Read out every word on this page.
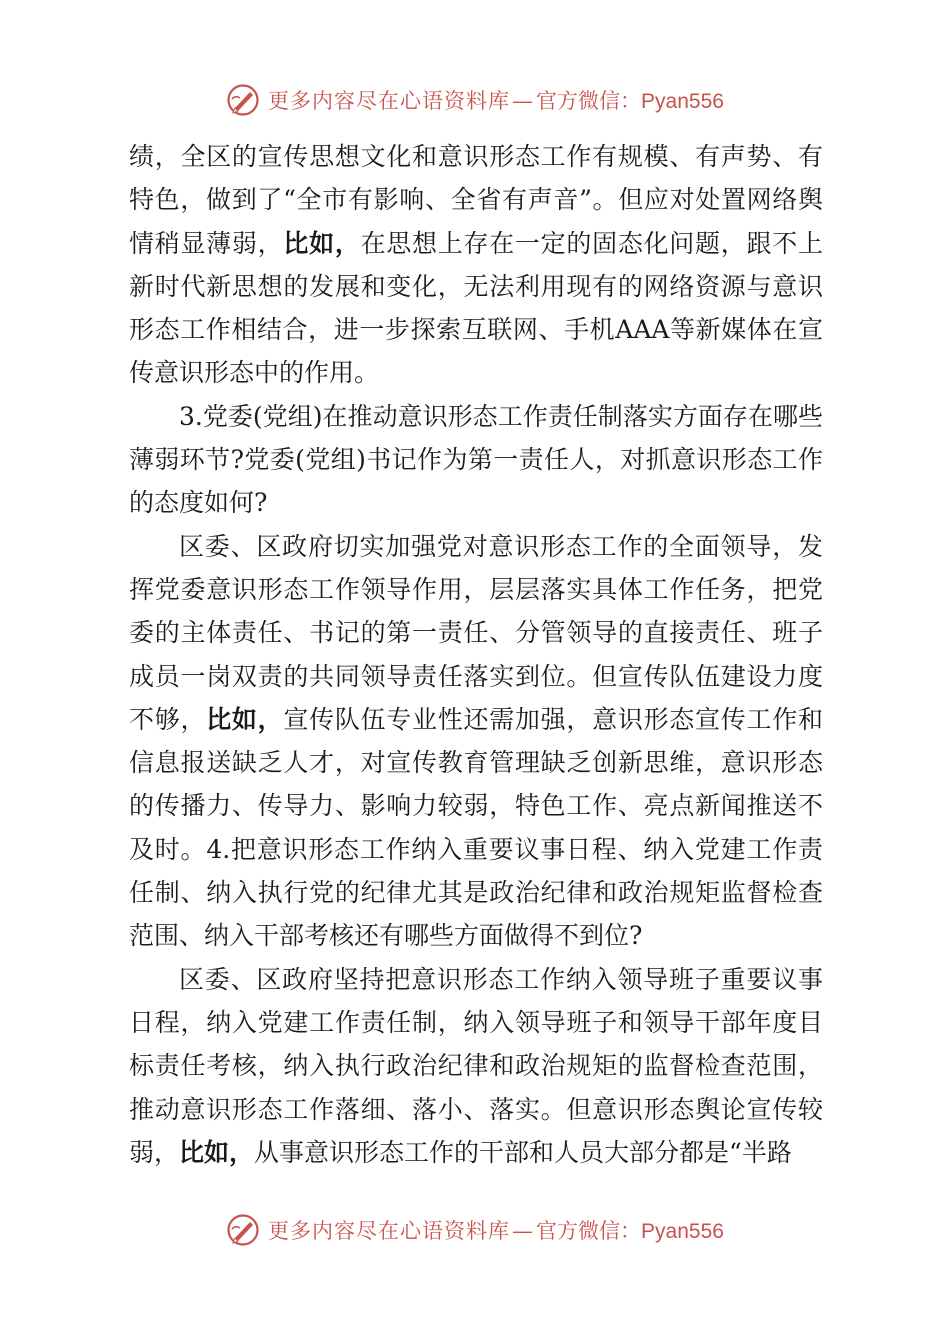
更多内容尽在心语资料库—官方微信：Pyan556

绩，全区的宣传思想文化和意识形态工作有规模、有声势、有特色，做到了“全市有影响、全省有声音”。但应对处置网络舆情稍显薄弱，比如，在思想上存在一定的固态化问题，跟不上新时代新思想的发展和变化，无法利用现有的网络资源与意识形态工作相结合，进一步探索互联网、手机AAA等新媒体在宣传意识形态中的作用。

3.党委(党组)在推动意识形态工作责任制落实方面存在哪些薄弱环节?党委(党组)书记作为第一责任人，对抓意识形态工作的态度如何?

区委、区政府切实加强党对意识形态工作的全面领导，发挥党委意识形态工作领导作用，层层落实具体工作任务，把党委的主体责任、书记的第一责任、分管领导的直接责任、班子成员一岗双责的共同领导责任落实到位。但宣传队伍建设力度不够，比如，宣传队伍专业性还需加强，意识形态宣传工作和信息报送缺乏人才，对宣传教育管理缺乏创新思维，意识形态的传播力、传导力、影响力较弱，特色工作、亮点新闻推送不及时。4.把意识形态工作纳入重要议事日程、纳入党建工作责任制、纳入执行党的纪律尤其是政治纪律和政治规矩监督检查范围、纳入干部考核还有哪些方面做得不到位?

区委、区政府坚持把意识形态工作纳入领导班子重要议事日程，纳入党建工作责任制，纳入领导班子和领导干部年度目标责任考核，纳入执行政治纪律和政治规矩的监督检查范围，推动意识形态工作落细、落小、落实。但意识形态舆论宣传较弱，比如，从事意识形态工作的干部和人员大部分都是“半路

更多内容尽在心语资料库—官方微信：Pyan556
